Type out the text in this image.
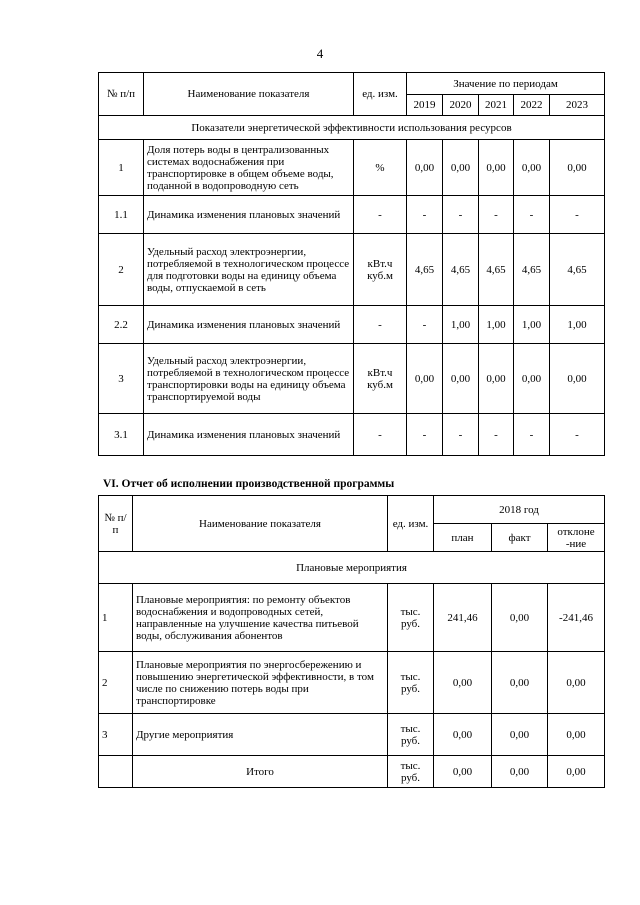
4
№ п/п	Наименование показателя	ед. изм.	Значение по периодам				
			2019	2020	2021	2022	2023
Показатели энергетической эффективности использования ресурсов							
1	Доля потерь воды в централизованных системах водоснабжения при транспортировке в общем объеме воды, поданной в водопроводную сеть	%	0,00	0,00	0,00	0,00	0,00
1.1	Динамика изменения плановых значений	-	-	-	-	-	-
2	Удельный расход электроэнергии, потребляемой в технологическом процессе для подготовки воды на единицу объема воды, отпускаемой в сеть	кВт.ч куб.м	4,65	4,65	4,65	4,65	4,65
2.2	Динамика изменения плановых значений	-	-	1,00	1,00	1,00	1,00
3	Удельный расход электроэнергии, потребляемой в технологическом процессе транспортировки воды на единицу объема транспортируемой воды	кВт.ч куб.м	0,00	0,00	0,00	0,00	0,00
3.1	Динамика изменения плановых значений	-	-	-	-	-	-
VI. Отчет об исполнении производственной программы
№ п/п	Наименование показателя	ед. изм.	2018 год		
			план	факт	отклоне -ние
Плановые мероприятия					
1	Плановые мероприятия: по ремонту объектов водоснабжения и водопроводных сетей, направленные на улучшение качества питьевой воды, обслуживания абонентов	тыс. руб.	241,46	0,00	-241,46
2	Плановые мероприятия по энергосбережению и повышению энергетической эффективности, в том числе по снижению потерь воды при транспортировке	тыс. руб.	0,00	0,00	0,00
3	Другие мероприятия	тыс. руб.	0,00	0,00	0,00
	Итого	тыс. руб.	0,00	0,00	0,00
